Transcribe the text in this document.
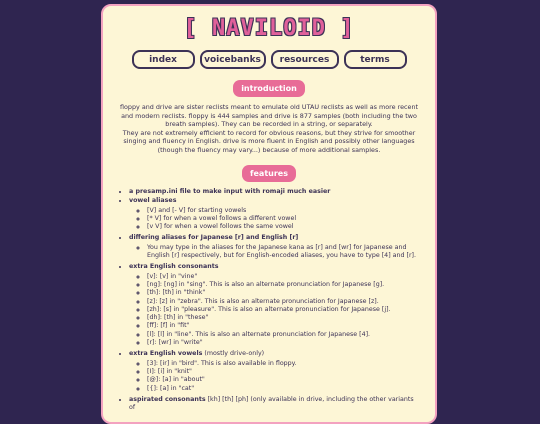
[ NAVILOID ]
index	voicebanks	resources	terms
introduction

floppy and drive are sister reclists meant to emulate old UTAU reclists as well as more recent and modern reclists. floppy is 444 samples and drive is 877 samples (both including the two breath samples). They can be recorded in a string, or separately.
They are not extremely efficient to record for obvious reasons, but they strive for smoother singing and fluency in English. drive is more fluent in English and possibly other languages (though the fluency may vary...) because of more additional samples.

features
• a presamp.ini file to make input with romaji much easier
• vowel aliases
◦ [V] and [- V] for starting vowels
◦ [* V] for when a vowel follows a different vowel
◦ [v V] for when a vowel follows the same vowel
• differing aliases for Japanese [r] and English [r]
◦ You may type in the aliases for the Japanese kana as [r] and [wr] for Japanese and English [r] respectively, but for English-encoded aliases, you have to type [4] and [r].
• extra English consonants
◦ [v]: [v] in "vine"
◦ [ng]: [ng] in "sing". This is also an alternate pronunciation for Japanese [g].
◦ [th]: [th] in "think"
◦ [z]: [z] in "zebra". This is also an alternate pronunciation for Japanese [z].
◦ [zh]: [s] in "pleasure". This is also an alternate pronunciation for Japanese [j].
◦ [dh]: [th] in "these"
◦ [ff]: [f] in "fit"
◦ [l]: [l] in "line". This is also an alternate pronunciation for Japanese [4].
◦ [r]: [wr] in "write"
• extra English vowels (mostly drive-only)
◦ [3]: [ir] in "bird". This is also available in floppy.
◦ [I]: [i] in "knit"
◦ [@]: [a] in "about"
◦ [{]: [a] in "cat"
• aspirated consonants [kh] [th] [ph] (only available in drive, including the other variants of
